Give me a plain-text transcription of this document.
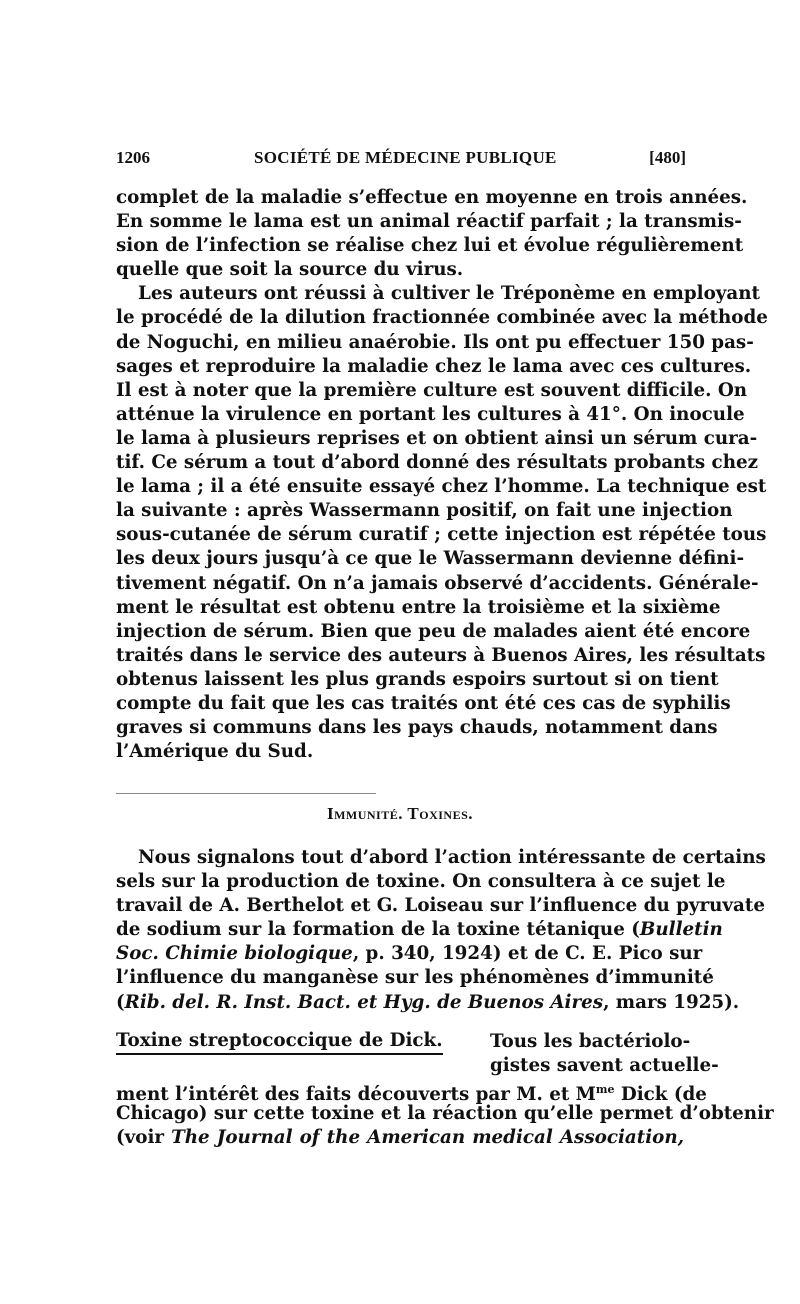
1206	SOCIÉTÉ DE MÉDECINE PUBLIQUE	[480]
complet de la maladie s’effectue en moyenne en trois années.
En somme le lama est un animal réactif parfait ; la transmis-
sion de l’infection se réalise chez lui et évolue régulièrement
quelle que soit la source du virus.
Les auteurs ont réussi à cultiver le Tréponème en employant
le procédé de la dilution fractionnée combinée avec la méthode
de Noguchi, en milieu anaérobie. Ils ont pu effectuer 150 pas-
sages et reproduire la maladie chez le lama avec ces cultures.
Il est à noter que la première culture est souvent difficile. On
atténue la virulence en portant les cultures à 41°. On inocule
le lama à plusieurs reprises et on obtient ainsi un sérum cura-
tif. Ce sérum a tout d’abord donné des résultats probants chez
le lama ; il a été ensuite essayé chez l’homme. La technique est
la suivante : après Wassermann positif, on fait une injection
sous-cutanée de sérum curatif ; cette injection est répétée tous
les deux jours jusqu’à ce que le Wassermann devienne défini-
tivement négatif. On n’a jamais observé d’accidents. Générale-
ment le résultat est obtenu entre la troisième et la sixième
injection de sérum. Bien que peu de malades aient été encore
traités dans le service des auteurs à Buenos Aires, les résultats
obtenus laissent les plus grands espoirs surtout si on tient
compte du fait que les cas traités ont été ces cas de syphilis
graves si communs dans les pays chauds, notamment dans
l’Amérique du Sud.
Immunité. Toxines.
Nous signalons tout d’abord l’action intéressante de certains
sels sur la production de toxine. On consultera à ce sujet le
travail de A. Berthelot et G. Loiseau sur l’influence du pyruvate
de sodium sur la formation de la toxine tétanique (Bulletin
Soc. Chimie biologique, p. 340, 1924) et de C. E. Pico sur
l’influence du manganèse sur les phénomènes d’immunité
(Rib. del. R. Inst. Bact. et Hyg. de Buenos Aires, mars 1925).
Toxine streptococcique de Dick.	Tous les bactériolo-
gistes savent actuelle-
ment l’intérêt des faits découverts par M. et $M^{me}$ Dick (de
Chicago) sur cette toxine et la réaction qu’elle permet d’obtenir
(voir The Journal of the American medical Association,
